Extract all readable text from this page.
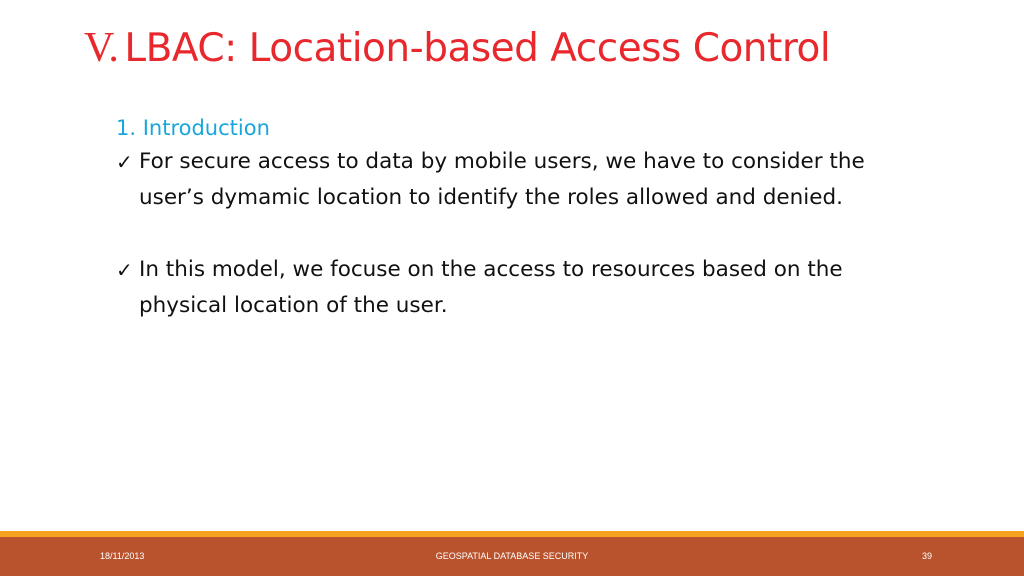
V. LBAC: Location-based Access Control

1. Introduction

✓ For secure access to data by mobile users, we have to consider the user’s dymamic location to identify the roles allowed and denied.

✓ In this model, we focuse on the access to resources based on the physical location of the user.

18/11/2013	GEOSPATIAL DATABASE SECURITY	39
